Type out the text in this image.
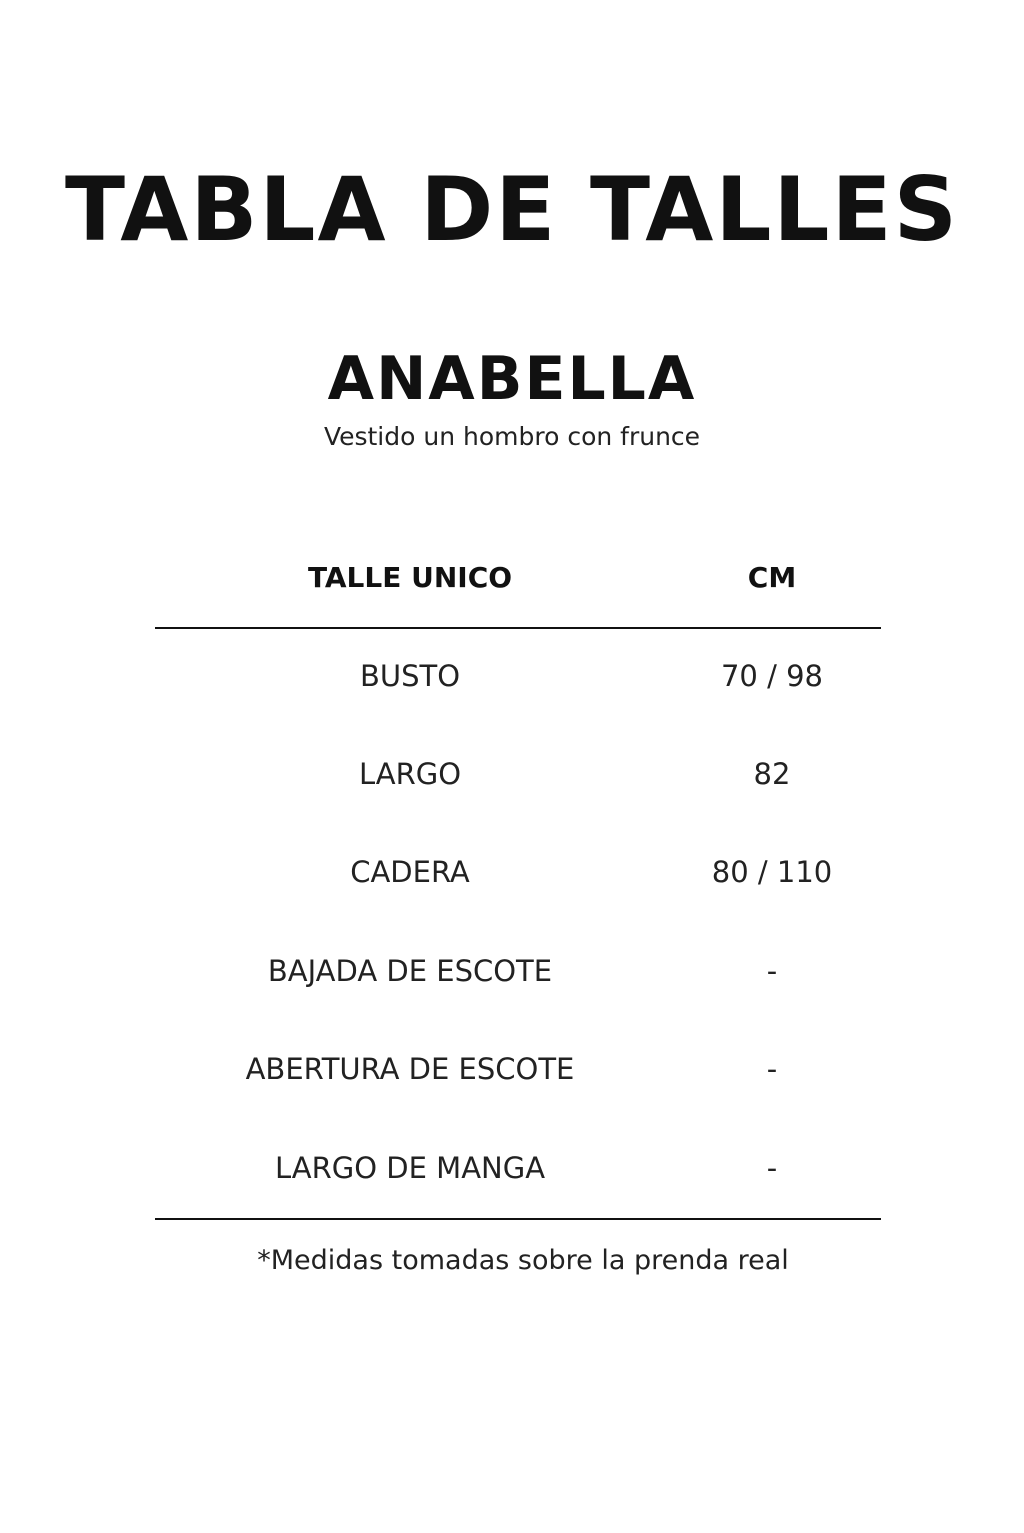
TABLA DE TALLES
ANABELLA
Vestido un hombro con frunce
TALLE UNICO	CM
BUSTO	70 / 98
LARGO	82
CADERA	80 / 110
BAJADA DE ESCOTE	-
ABERTURA DE ESCOTE	-
LARGO DE MANGA	-
*Medidas tomadas sobre la prenda real
